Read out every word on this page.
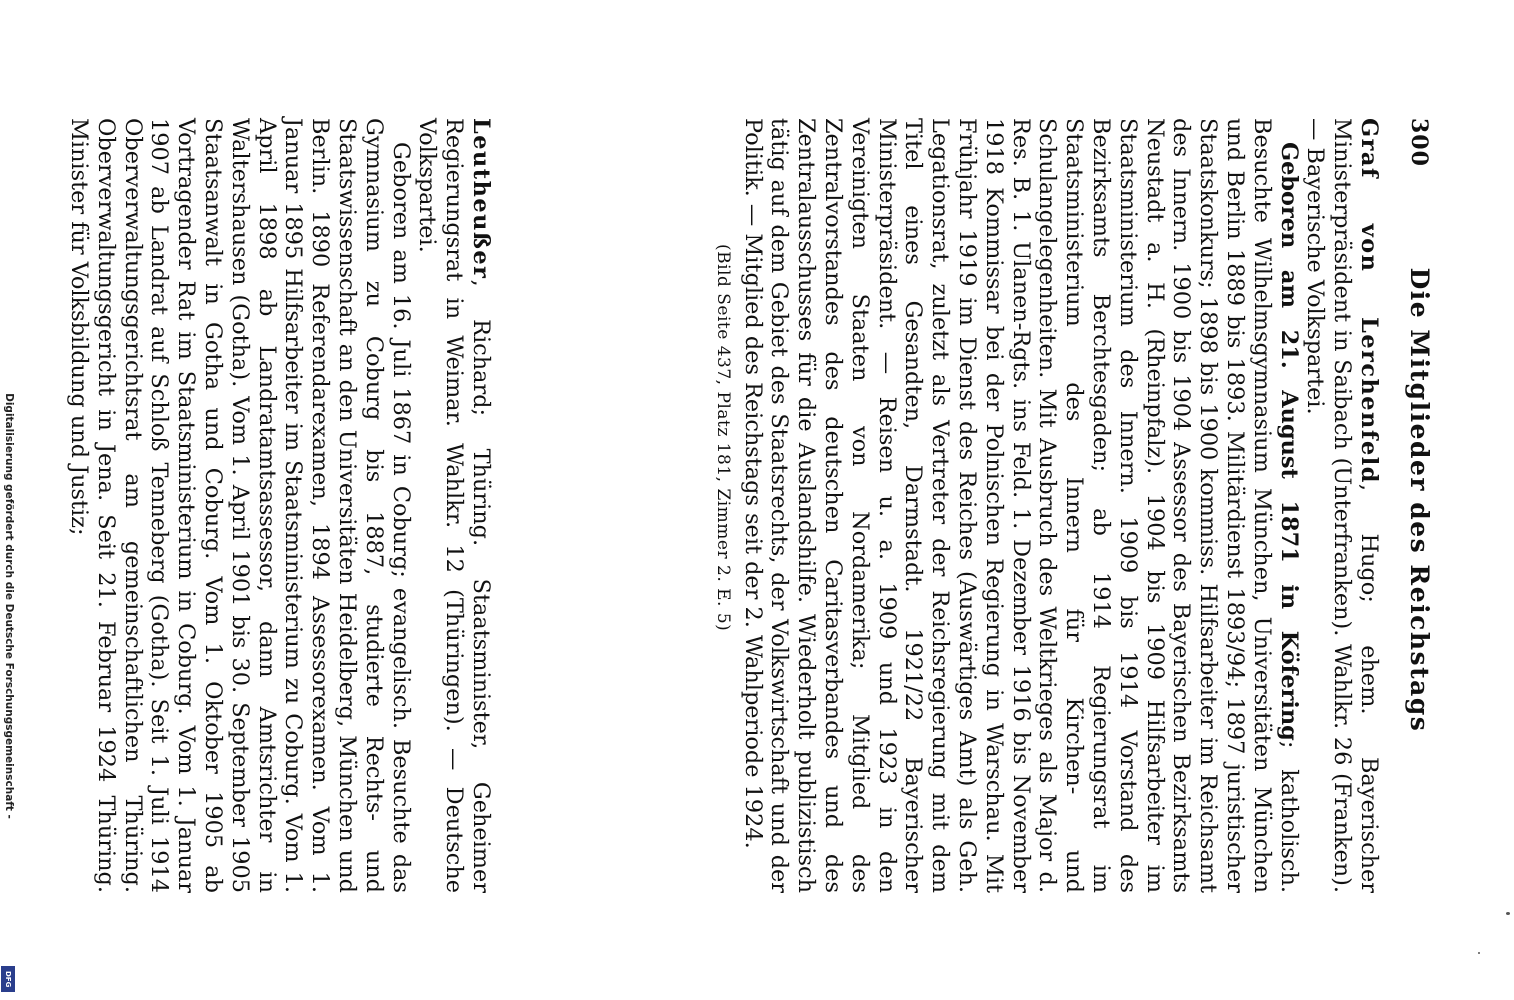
300
Die Mitglieder des Reichstags

Graf von Lerchenfeld, Hugo; ehem. Bayerischer Ministerpräsident in Saibach (Unterfranken). Wahlkr. 26 (Franken). — Bayerische Volkspartei.

Geboren am 21. August 1871 in Köfering; katholisch. Besuchte Wilhelmsgymnasium München, Universitäten München und Berlin 1889 bis 1893. Militärdienst 1893/94; 1897 juristischer Staatskonkurs; 1898 bis 1900 kommiss. Hilfsarbeiter im Reichsamt des Innern. 1900 bis 1904 Assessor des Bayerischen Bezirksamts Neustadt a. H. (Rheinpfalz). 1904 bis 1909 Hilfsarbeiter im Staatsministerium des Innern. 1909 bis 1914 Vorstand des Bezirksamts Berchtesgaden; ab 1914 Regierungsrat im Staatsministerium des Innern für Kirchen- und Schulangelegenheiten. Mit Ausbruch des Weltkrieges als Major d. Res. B. 1. Ulanen-Rgts. ins Feld. 1. Dezember 1916 bis November 1918 Kommissar bei der Polnischen Regierung in Warschau. Mit Frühjahr 1919 im Dienst des Reiches (Auswärtiges Amt) als Geh. Legationsrat, zuletzt als Vertreter der Reichsregierung mit dem Titel eines Gesandten, Darmstadt. 1921/22 Bayerischer Ministerpräsident. — Reisen u. a. 1909 und 1923 in den Vereinigten Staaten von Nordamerika; Mitglied des Zentralvorstandes des deutschen Caritasverbandes und des Zentralausschusses für die Auslandshilfe. Wiederholt publizistisch tätig auf dem Gebiet des Staatsrechts, der Volkswirtschaft und der Politik. — Mitglied des Reichstags seit der 2. Wahlperiode 1924.

(Bild Seite 437, Platz 181, Zimmer 2. E. 5)

Leutheußer, Richard; Thüring. Staatsminister, Geheimer Regierungsrat in Weimar. Wahlkr. 12 (Thüringen). — Deutsche Volkspartei.

Geboren am 16. Juli 1867 in Coburg; evangelisch. Besuchte das Gymnasium zu Coburg bis 1887, studierte Rechts- und Staatswissenschaft an den Universitäten Heidelberg, München und Berlin. 1890 Referendarexamen, 1894 Assessorexamen. Vom 1. Januar 1895 Hilfsarbeiter im Staatsministerium zu Coburg. Vom 1. April 1898 ab Landratamtsassessor, dann Amtsrichter in Waltershausen (Gotha). Vom 1. April 1901 bis 30. September 1905 Staatsanwalt in Gotha und Coburg. Vom 1. Oktober 1905 ab Vortragender Rat im Staatsministerium in Coburg. Vom 1. Januar 1907 ab Landrat auf Schloß Tenneberg (Gotha). Seit 1. Juli 1914 Oberverwaltungsgerichtsrat am gemeinschaftlichen Thüring. Oberverwaltungsgericht in Jena. Seit 21. Februar 1924 Thüring. Minister für Volksbildung und Justiz;

Digitalisierung gefördert durch die Deutsche Forschungsgemeinschaft -
DFG
